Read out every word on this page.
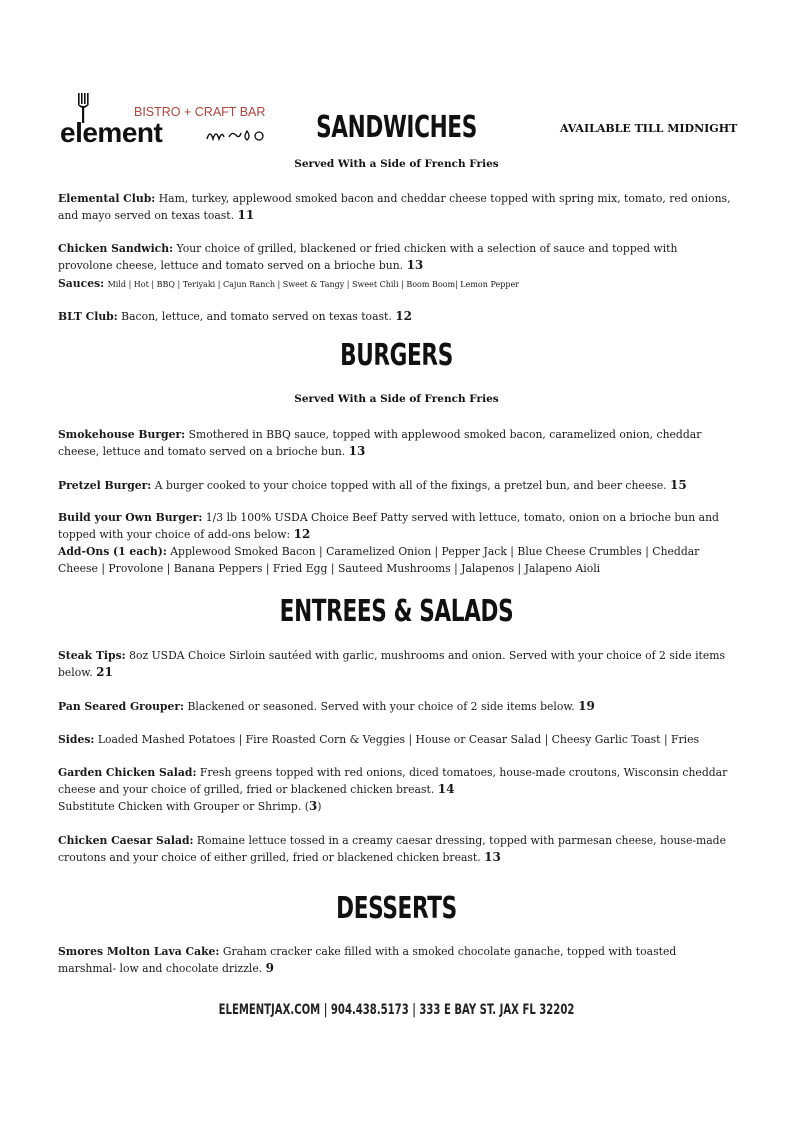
BISTRO + CRAFT BAR
element	SANDWICHES	AVAILABLE TILL MIDNIGHT
Served With a Side of French Fries
Elemental Club: Ham, turkey, applewood smoked bacon and cheddar cheese topped with spring mix, tomato, red onions, and mayo served on texas toast. 11
Chicken Sandwich: Your choice of grilled, blackened or fried chicken with a selection of sauce and topped with provolone cheese, lettuce and tomato served on a brioche bun. 13
Sauces: Mild | Hot | BBQ | Teriyaki | Cajun Ranch | Sweet & Tangy | Sweet Chili | Boom Boom| Lemon Pepper
BLT Club: Bacon, lettuce, and tomato served on texas toast. 12
BURGERS
Served With a Side of French Fries
Smokehouse Burger: Smothered in BBQ sauce, topped with applewood smoked bacon, caramelized onion, cheddar cheese, lettuce and tomato served on a brioche bun. 13
Pretzel Burger: A burger cooked to your choice topped with all of the fixings, a pretzel bun, and beer cheese. 15
Build your Own Burger: 1/3 lb 100% USDA Choice Beef Patty served with lettuce, tomato, onion on a brioche bun and topped with your choice of add-ons below: 12
Add-Ons (1 each): Applewood Smoked Bacon | Caramelized Onion | Pepper Jack | Blue Cheese Crumbles | Cheddar Cheese | Provolone | Banana Peppers | Fried Egg | Sauteed Mushrooms | Jalapenos | Jalapeno Aioli
ENTREES & SALADS
Steak Tips: 8oz USDA Choice Sirloin sautéed with garlic, mushrooms and onion. Served with your choice of 2 side items below. 21
Pan Seared Grouper: Blackened or seasoned. Served with your choice of 2 side items below. 19
Sides: Loaded Mashed Potatoes | Fire Roasted Corn & Veggies | House or Ceasar Salad | Cheesy Garlic Toast | Fries
Garden Chicken Salad: Fresh greens topped with red onions, diced tomatoes, house-made croutons, Wisconsin cheddar cheese and your choice of grilled, fried or blackened chicken breast. 14
Substitute Chicken with Grouper or Shrimp. (3)
Chicken Caesar Salad: Romaine lettuce tossed in a creamy caesar dressing, topped with parmesan cheese, house-made croutons and your choice of either grilled, fried or blackened chicken breast. 13
DESSERTS
Smores Molton Lava Cake: Graham cracker cake filled with a smoked chocolate ganache, topped with toasted marshmal- low and chocolate drizzle. 9
ELEMENTJAX.COM | 904.438.5173 | 333 E BAY ST. JAX FL 32202
